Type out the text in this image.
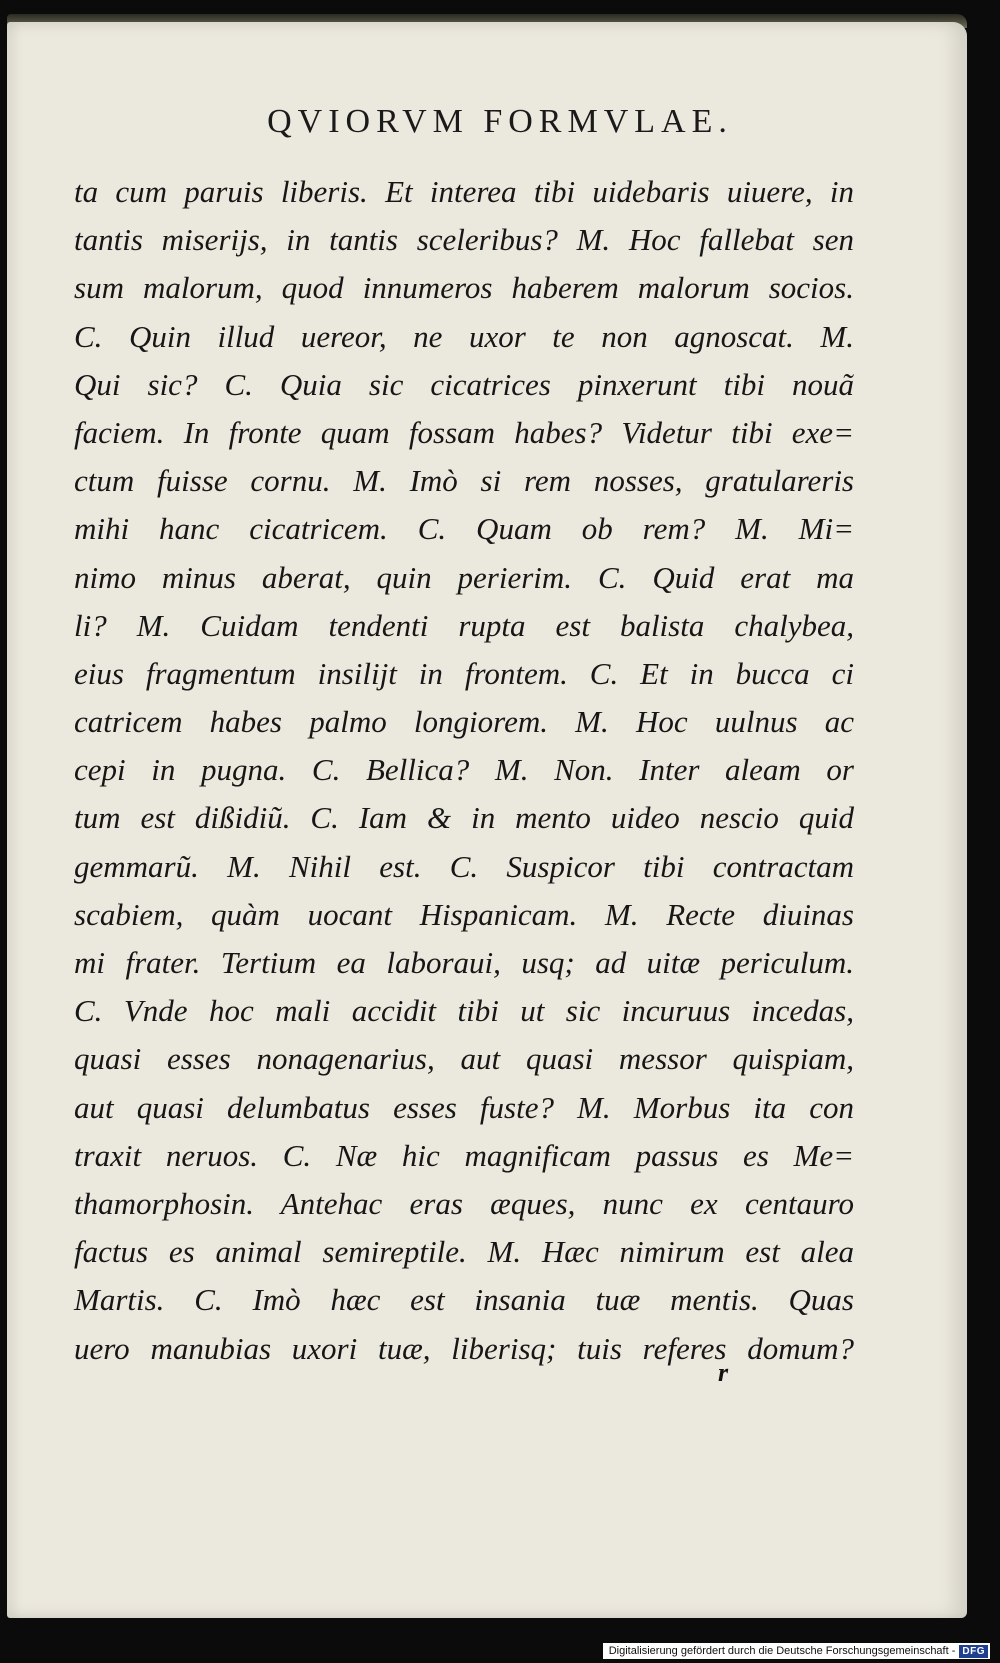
QVIORVM FORMVLAE.
ta cum paruis liberis. Et interea tibi uidebaris uiuere, in
tantis miserijs, in tantis sceleribus? M. Hoc fallebat sen
sum malorum, quod innumeros haberem malorum socios.
C. Quin illud uereor, ne uxor te non agnoscat. M.
Qui sic? C. Quia sic cicatrices pinxerunt tibi nouã
faciem. In fronte quam fossam habes? Videtur tibi exe=
ctum fuisse cornu. M. Imò si rem nosses, gratulareris
mihi hanc cicatricem. C. Quam ob rem? M. Mi=
nimo minus aberat, quin perierim. C. Quid erat ma
li? M. Cuidam tendenti rupta est balista chalybea,
eius fragmentum insilijt in frontem. C. Et in bucca ci
catricem habes palmo longiorem. M. Hoc uulnus ac
cepi in pugna. C. Bellica? M. Non. Inter aleam or
tum est dißidiũ. C. Iam & in mento uideo nescio quid
gemmarũ. M. Nihil est. C. Suspicor tibi contractam
scabiem, quàm uocant Hispanicam. M. Recte diuinas
mi frater. Tertium ea laboraui, usq; ad uitæ periculum.
C. Vnde hoc mali accidit tibi ut sic incuruus incedas,
quasi esses nonagenarius, aut quasi messor quispiam,
aut quasi delumbatus esses fuste? M. Morbus ita con
traxit neruos. C. Næ hic magnificam passus es Me=
thamorphosin. Antehac eras æques, nunc ex centauro
factus es animal semireptile. M. Hæc nimirum est alea
Martis. C. Imò hæc est insania tuæ mentis. Quas
uero manubias uxori tuæ, liberisq; tuis referes domum?
r
Digitalisierung gefördert durch die Deutsche Forschungsgemeinschaft - DFG
